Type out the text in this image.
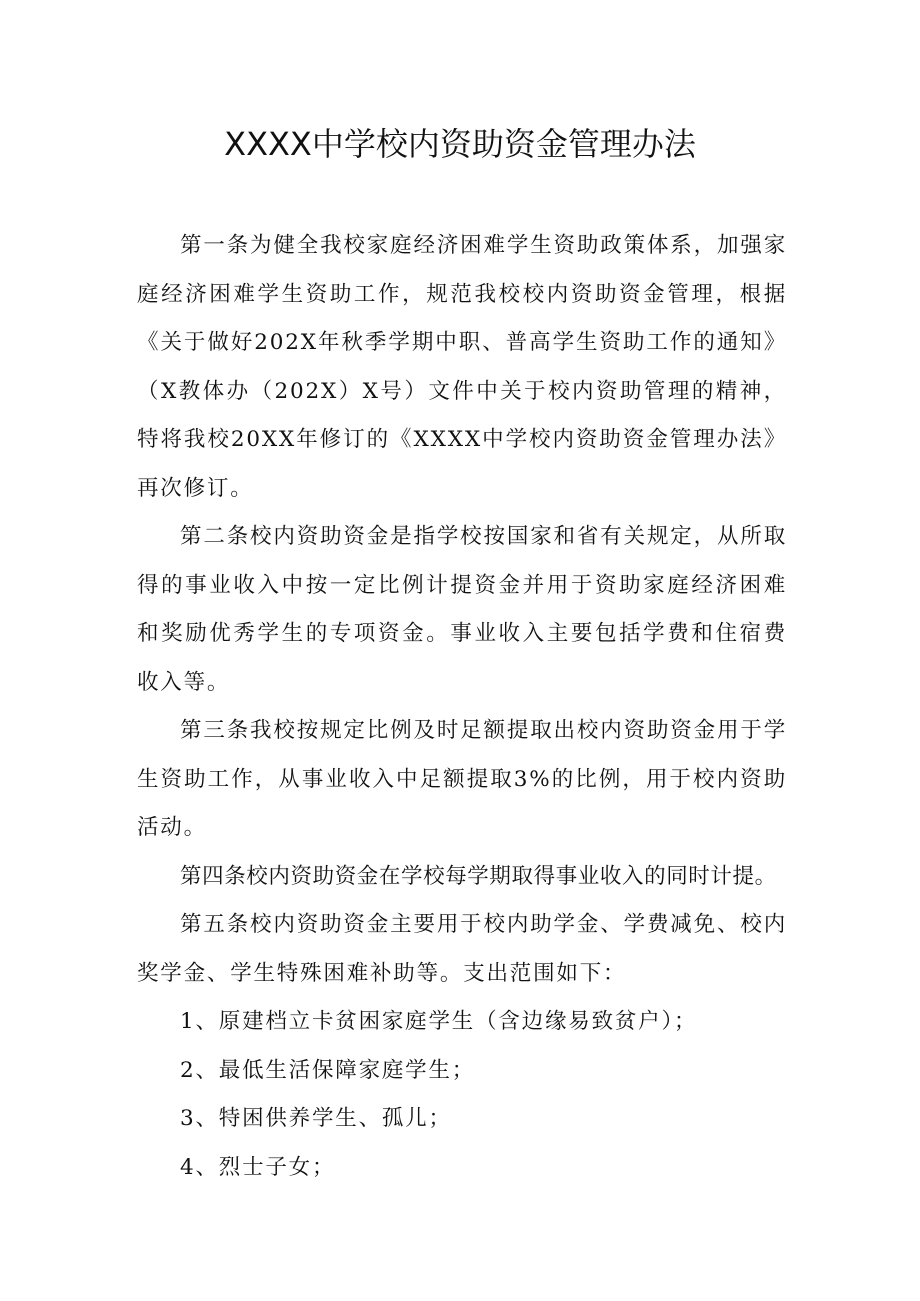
XXXX中学校内资助资金管理办法

第一条为健全我校家庭经济困难学生资助政策体系，加强家庭经济困难学生资助工作，规范我校校内资助资金管理，根据《关于做好202X年秋季学期中职、普高学生资助工作的通知》（X教体办（202X）X号）文件中关于校内资助管理的精神，特将我校20XX年修订的《XXXX中学校内资助资金管理办法》再次修订。

第二条校内资助资金是指学校按国家和省有关规定，从所取得的事业收入中按一定比例计提资金并用于资助家庭经济困难和奖励优秀学生的专项资金。事业收入主要包括学费和住宿费收入等。

第三条我校按规定比例及时足额提取出校内资助资金用于学生资助工作，从事业收入中足额提取3%的比例，用于校内资助活动。

第四条校内资助资金在学校每学期取得事业收入的同时计提。

第五条校内资助资金主要用于校内助学金、学费减免、校内奖学金、学生特殊困难补助等。支出范围如下：

1、原建档立卡贫困家庭学生（含边缘易致贫户）；

2、最低生活保障家庭学生；

3、特困供养学生、孤儿；

4、烈士子女；
